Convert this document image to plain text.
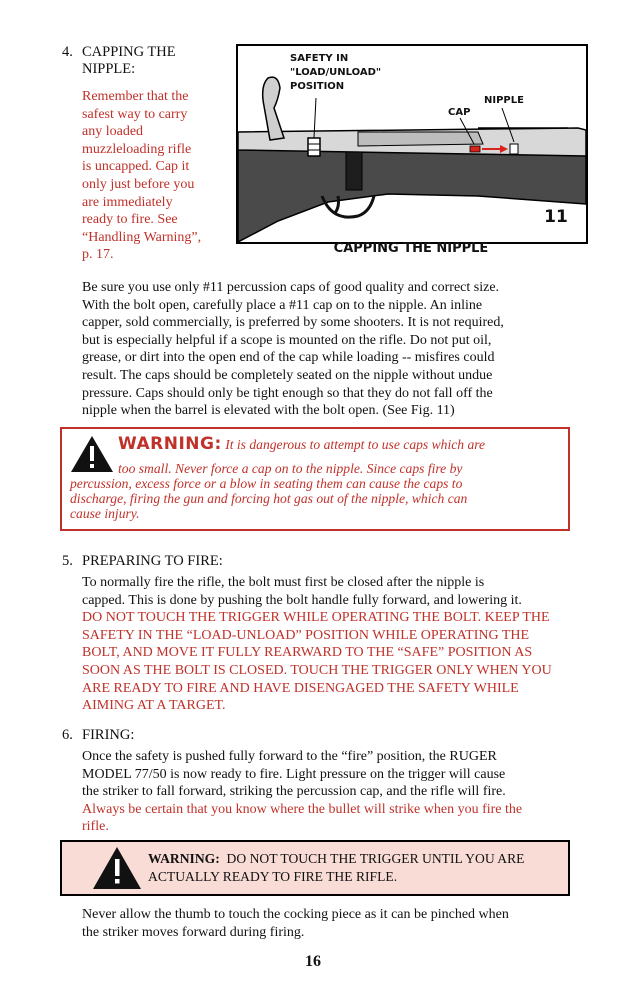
4. CAPPING THE
NIPPLE:
Remember that the
safest way to carry
any loaded
muzzleloading rifle
is uncapped. Cap it
only just before you
are immediately
ready to fire. See
“Handling Warning”,
p. 17.
11
SAFETY IN
"LOAD/UNLOAD"
POSITION
CAP
NIPPLE
CAPPING THE NIPPLE
Be sure you use only #11 percussion caps of good quality and correct size.
With the bolt open, carefully place a #11 cap on to the nipple. An inline
capper, sold commercially, is preferred by some shooters. It is not required,
but is especially helpful if a scope is mounted on the rifle. Do not put oil,
grease, or dirt into the open end of the cap while loading -- misfires could
result. The caps should be completely seated on the nipple without undue
pressure. Caps should only be tight enough so that they do not fall off the
nipple when the barrel is elevated with the bolt open. (See Fig. 11)
WARNING: It is dangerous to attempt to use caps which are
too small. Never force a cap on to the nipple. Since caps fire by
percussion, excess force or a blow in seating them can cause the caps to
discharge, firing the gun and forcing hot gas out of the nipple, which can
cause injury.
5. PREPARING TO FIRE:
To normally fire the rifle, the bolt must first be closed after the nipple is
capped. This is done by pushing the bolt handle fully forward, and lowering it.
DO NOT TOUCH THE TRIGGER WHILE OPERATING THE BOLT. KEEP THE
SAFETY IN THE “LOAD-UNLOAD” POSITION WHILE OPERATING THE
BOLT, AND MOVE IT FULLY REARWARD TO THE “SAFE” POSITION AS
SOON AS THE BOLT IS CLOSED. TOUCH THE TRIGGER ONLY WHEN YOU
ARE READY TO FIRE AND HAVE DISENGAGED THE SAFETY WHILE
AIMING AT A TARGET.
6. FIRING:
Once the safety is pushed fully forward to the “fire” position, the RUGER
MODEL 77/50 is now ready to fire. Light pressure on the trigger will cause
the striker to fall forward, striking the percussion cap, and the rifle will fire.
Always be certain that you know where the bullet will strike when you fire the
rifle.
WARNING: DO NOT TOUCH THE TRIGGER UNTIL YOU ARE
ACTUALLY READY TO FIRE THE RIFLE.
Never allow the thumb to touch the cocking piece as it can be pinched when
the striker moves forward during firing.
16
